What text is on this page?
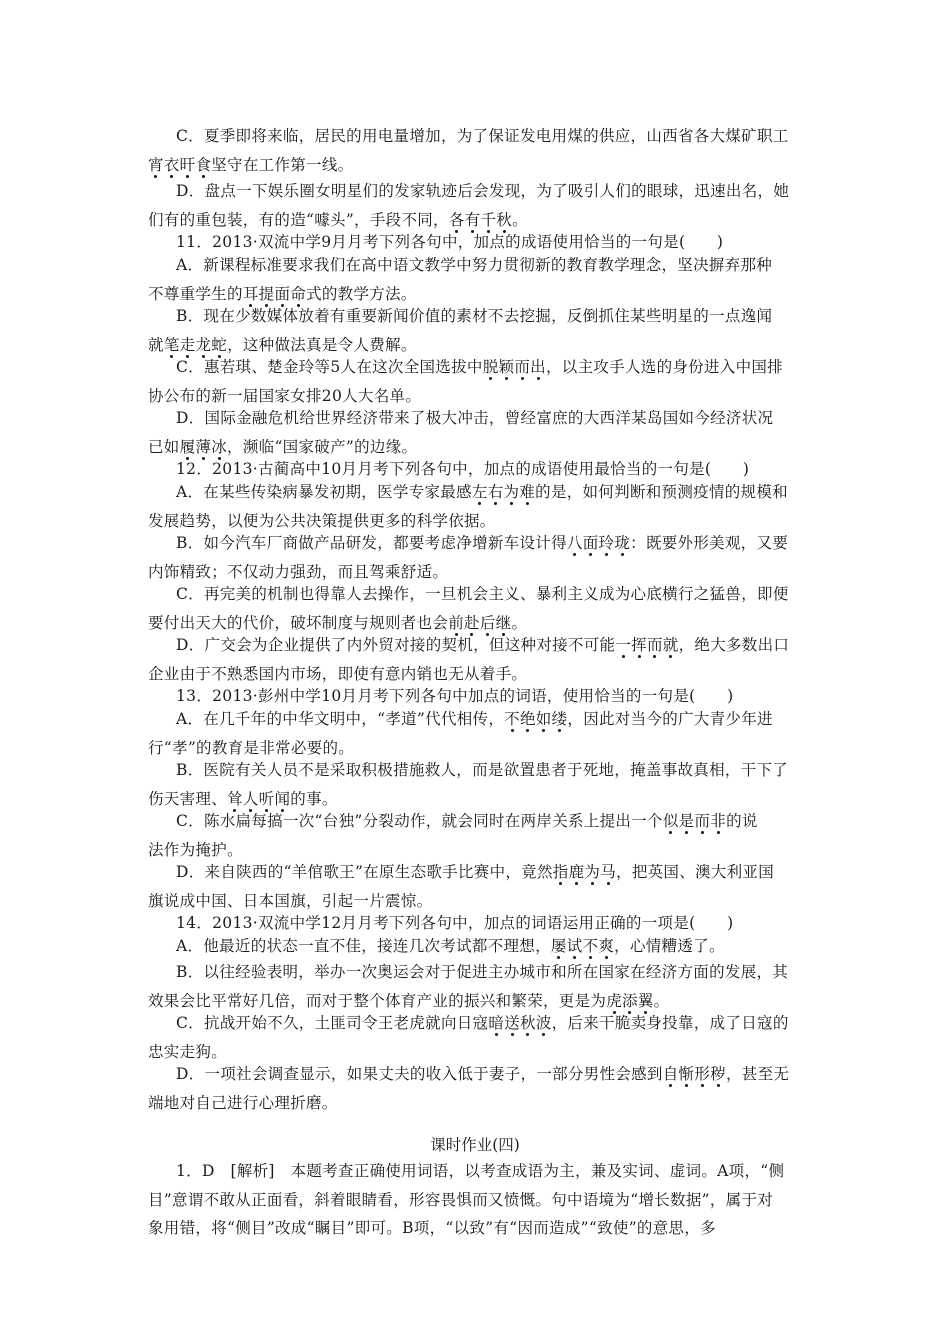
C．夏季即将来临，居民的用电量增加，为了保证发电用煤的供应，山西省各大煤矿职工
宵衣旰食坚守在工作第一线。
D．盘点一下娱乐圈女明星们的发家轨迹后会发现，为了吸引人们的眼球，迅速出名，她
们有的重包装，有的造“噱头”，手段不同，各有千秋。
11．2013·双流中学9月月考下列各句中，加点的成语使用恰当的一句是(　　)
A．新课程标准要求我们在高中语文教学中努力贯彻新的教育教学理念，坚决摒弃那种
不尊重学生的耳提面命式的教学方法。
B．现在少数媒体放着有重要新闻价值的素材不去挖掘，反倒抓住某些明星的一点逸闻
就笔走龙蛇，这种做法真是令人费解。
C．惠若琪、楚金玲等5人在这次全国选拔中脱颖而出，以主攻手人选的身份进入中国排
协公布的新一届国家女排20人大名单。
D．国际金融危机给世界经济带来了极大冲击，曾经富庶的大西洋某岛国如今经济状况
已如履薄冰，濒临“国家破产”的边缘。
12．2013·古蔺高中10月月考下列各句中，加点的成语使用最恰当的一句是(　　)
A．在某些传染病暴发初期，医学专家最感左右为难的是，如何判断和预测疫情的规模和
发展趋势，以便为公共决策提供更多的科学依据。
B．如今汽车厂商做产品研发，都要考虑净增新车设计得八面玲珑：既要外形美观，又要
内饰精致；不仅动力强劲，而且驾乘舒适。
C．再完美的机制也得靠人去操作，一旦机会主义、暴利主义成为心底横行之猛兽，即便
要付出天大的代价，破坏制度与规则者也会前赴后继。
D．广交会为企业提供了内外贸对接的契机，但这种对接不可能一挥而就，绝大多数出口
企业由于不熟悉国内市场，即使有意内销也无从着手。
13．2013·彭州中学10月月考下列各句中加点的词语，使用恰当的一句是(　　)
A．在几千年的中华文明中，“孝道”代代相传，不绝如缕，因此对当今的广大青少年进
行“孝”的教育是非常必要的。
B．医院有关人员不是采取积极措施救人，而是欲置患者于死地，掩盖事故真相，干下了
伤天害理、耸人听闻的事。
C．陈水扁每搞一次“台独”分裂动作，就会同时在两岸关系上提出一个似是而非的说
法作为掩护。
D．来自陕西的“羊倌歌王”在原生态歌手比赛中，竟然指鹿为马，把英国、澳大利亚国
旗说成中国、日本国旗，引起一片震惊。
14．2013·双流中学12月月考下列各句中，加点的词语运用正确的一项是(　　)
A．他最近的状态一直不佳，接连几次考试都不理想，屡试不爽，心情糟透了。
B．以往经验表明，举办一次奥运会对于促进主办城市和所在国家在经济方面的发展，其
效果会比平常好几倍，而对于整个体育产业的振兴和繁荣，更是为虎添翼。
C．抗战开始不久，土匪司令王老虎就向日寇暗送秋波，后来干脆卖身投靠，成了日寇的
忠实走狗。
D．一项社会调查显示，如果丈夫的收入低于妻子，一部分男性会感到自惭形秽，甚至无
端地对自己进行心理折磨。
课时作业(四)
1．D　[解析]　本题考查正确使用词语，以考查成语为主，兼及实词、虚词。A项，“侧
目”意谓不敢从正面看，斜着眼睛看，形容畏惧而又愤慨。句中语境为“增长数据”，属于对
象用错，将“侧目”改成“瞩目”即可。B项，“以致”有“因而造成”“致使”的意思，多
